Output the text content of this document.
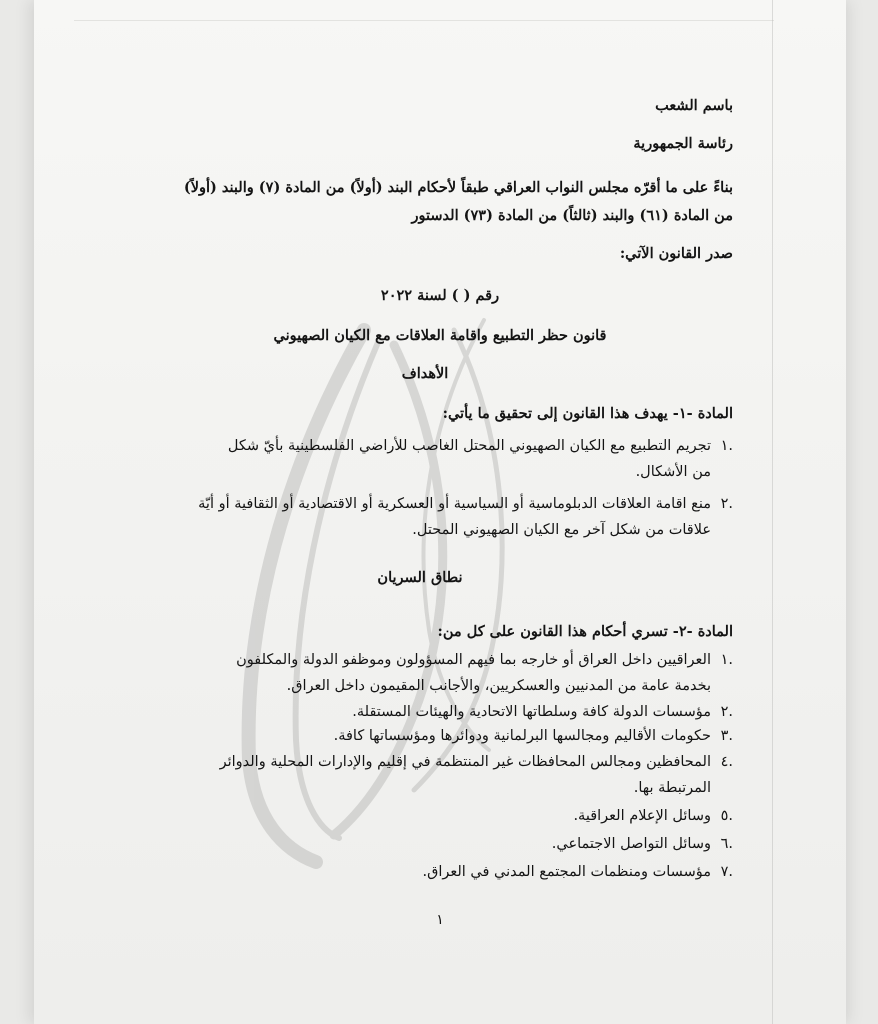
باسم الشعب
رئاسة الجمهورية
بناءً على ما أقرّه مجلس النواب العراقي طبقاً لأحكام البند (أولاً) من المادة (٧) والبند (أولاً)
من المادة (٦١) والبند (ثالثاً) من المادة (٧٣) الدستور
صدر القانون الآتي:
رقم ( ) لسنة ٢٠٢٢
قانون حظر التطبيع واقامة العلاقات مع الكيان الصهيوني
الأهداف
المادة -١- يهدف هذا القانون إلى تحقيق ما يأتي:
١.
تجريم التطبيع مع الكيان الصهيوني المحتل الغاصب للأراضي الفلسطينية بأيّ شكل
من الأشكال.
٢.
منع اقامة العلاقات الدبلوماسية أو السياسية أو العسكرية أو الاقتصادية أو الثقافية أو أيّة
علاقات من شكل آخر مع الكيان الصهيوني المحتل.
نطاق السريان
المادة -٢- تسري أحكام هذا القانون على كل من:
١.
العراقيين داخل العراق أو خارجه بما فيهم المسؤولون وموظفو الدولة والمكلفون
بخدمة عامة من المدنيين والعسكريين، والأجانب المقيمون داخل العراق.
٢.
مؤسسات الدولة كافة وسلطاتها الاتحادية والهيئات المستقلة.
٣.
حكومات الأقاليم ومجالسها البرلمانية ودوائرها ومؤسساتها كافة.
٤.
المحافظين ومجالس المحافظات غير المنتظمة في إقليم والإدارات المحلية والدوائر
المرتبطة بها.
٥.
وسائل الإعلام العراقية.
٦.
وسائل التواصل الاجتماعي.
٧.
مؤسسات ومنظمات المجتمع المدني في العراق.
١
